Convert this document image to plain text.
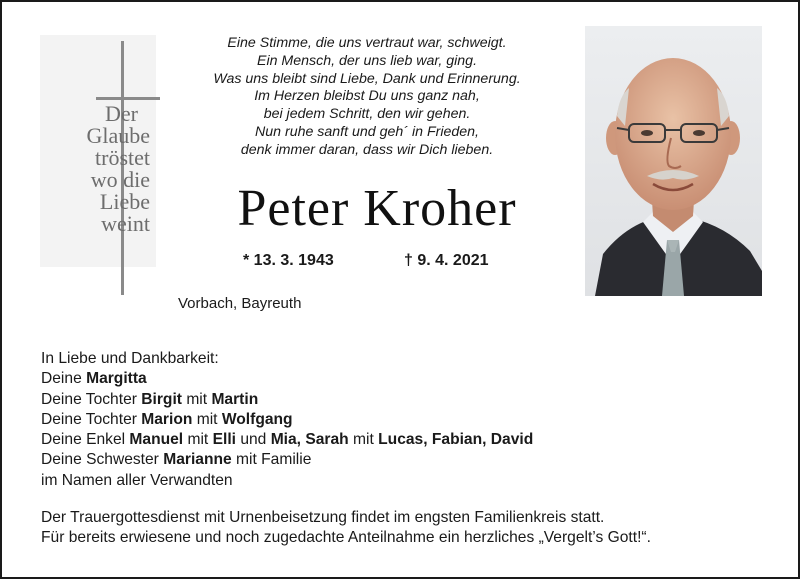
Der
Glaube
tröstet
wo die
Liebe
weint
Eine Stimme, die uns vertraut war, schweigt.
Ein Mensch, der uns lieb war, ging.
Was uns bleibt sind Liebe, Dank und Erinnerung.
Im Herzen bleibst Du uns ganz nah,
bei jedem Schritt, den wir gehen.
Nun ruhe sanft und geh´ in Frieden,
denk immer daran, dass wir Dich lieben.
Peter Kroher
* 13. 3. 1943	† 9. 4. 2021
Vorbach, Bayreuth
In Liebe und Dankbarkeit:
Deine Margitta
Deine Tochter Birgit mit Martin
Deine Tochter Marion mit Wolfgang
Deine Enkel Manuel mit Elli und Mia, Sarah mit Lucas, Fabian, David
Deine Schwester Marianne mit Familie
im Namen aller Verwandten
Der Trauergottesdienst mit Urnenbeisetzung findet im engsten Familienkreis statt.
Für bereits erwiesene und noch zugedachte Anteilnahme ein herzliches „Vergelt’s Gott!“.
